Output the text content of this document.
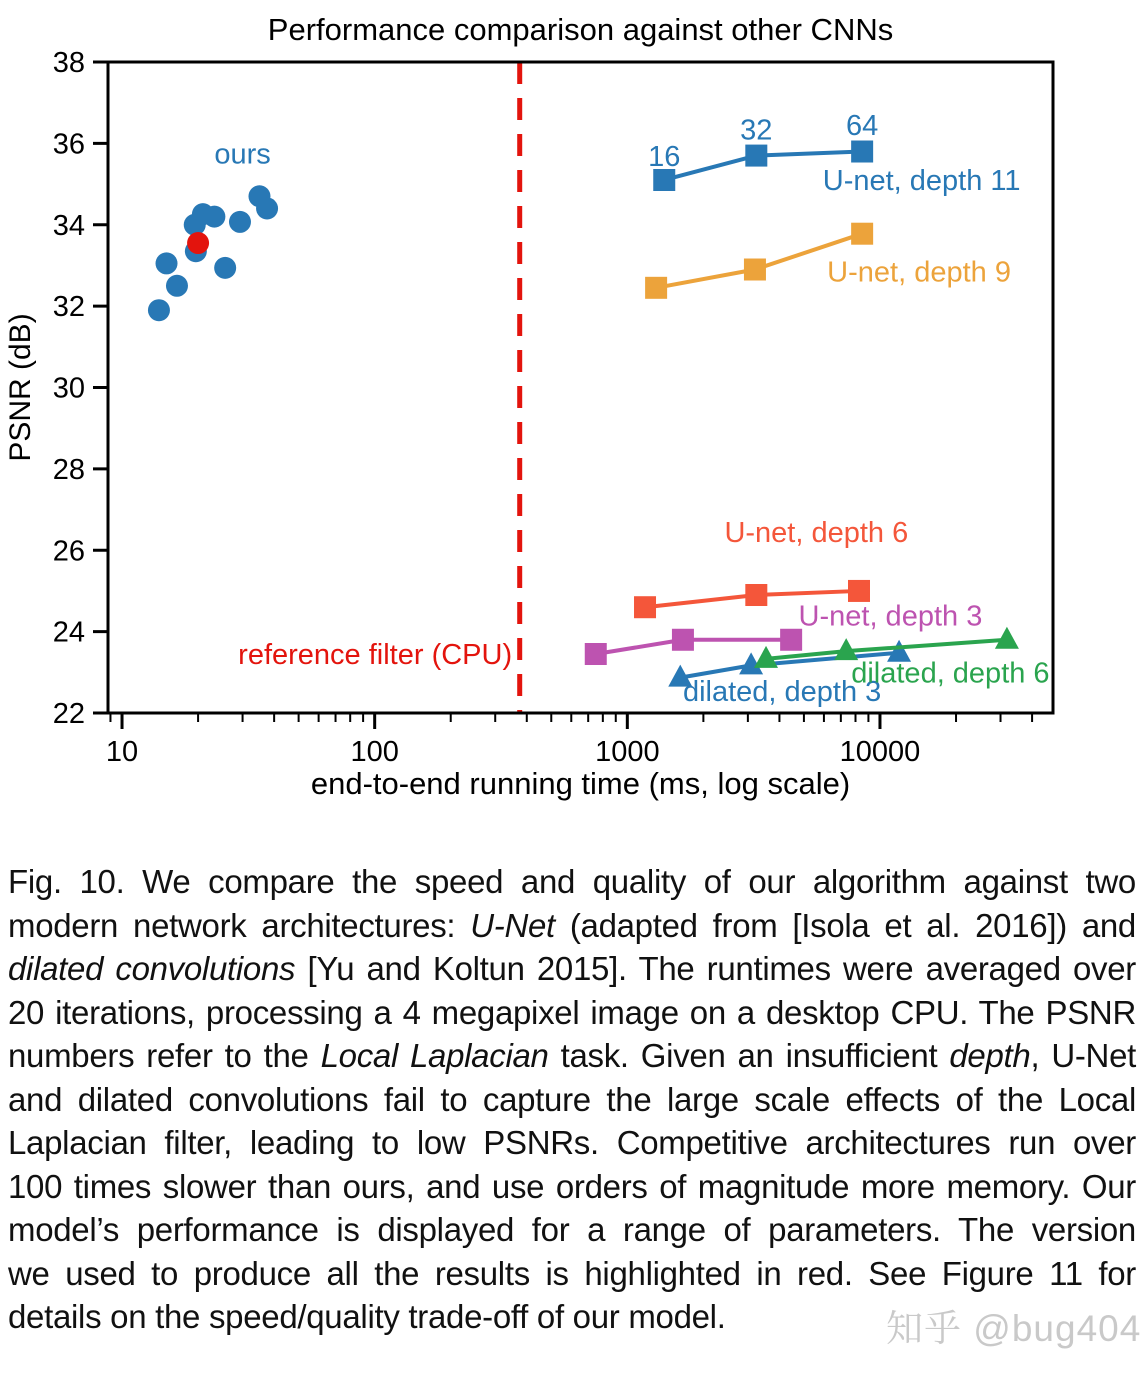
ours	16
32	64
U-net, depth 11
U-net, depth 9
U-net, depth 6
U-net, depth 3
dilated, depth 3
dilated, depth 6
reference filter (CPU)
22
24
26
28
30
32
34
36
38
10	100	1000	10000
Performance comparison against other CNNs
end-to-end running time (ms, log scale)
PSNR (dB)
Fig. 10. We compare the speed and quality of our algorithm against two
modern network architectures: U-Net (adapted from [Isola et al. 2016]) and
dilated convolutions [Yu and Koltun 2015]. The runtimes were averaged over
20 iterations, processing a 4 megapixel image on a desktop CPU. The PSNR
numbers refer to the Local Laplacian task. Given an insufficient depth, U-Net
and dilated convolutions fail to capture the large scale effects of the Local
Laplacian filter, leading to low PSNRs. Competitive architectures run over
100 times slower than ours, and use orders of magnitude more memory. Our
model’s performance is displayed for a range of parameters. The version
we used to produce all the results is highlighted in red. See Figure 11 for
details on the speed/quality trade-off of our model.	知乎 @bug404
